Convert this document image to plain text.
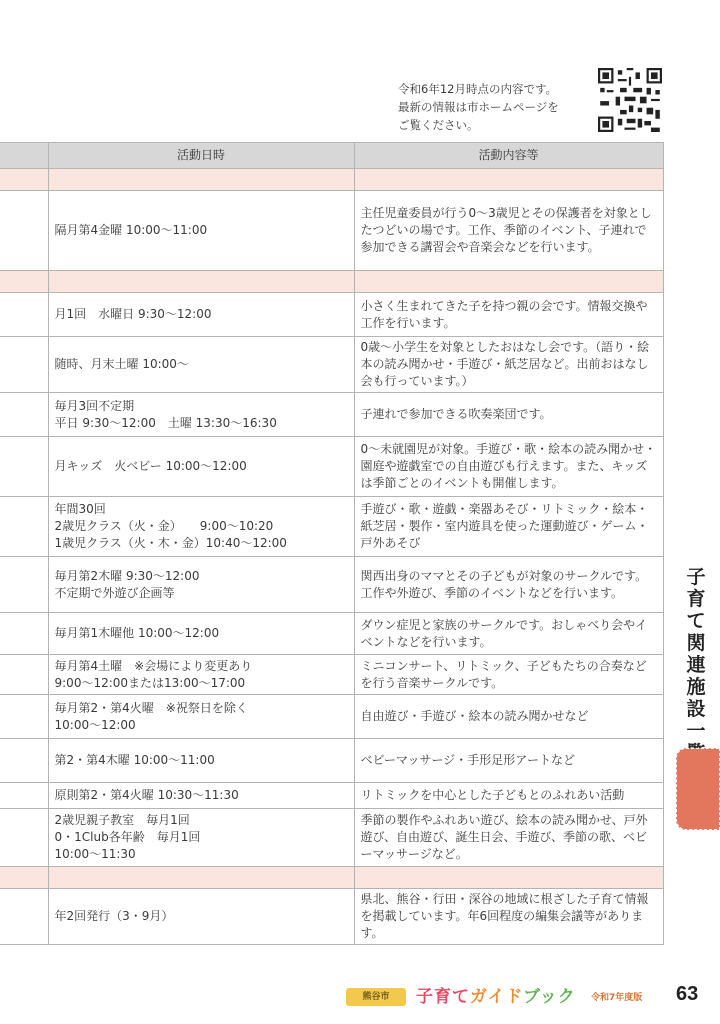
令和6年12月時点の内容です。
最新の情報は市ホームページを
ご覧ください。
	活動日時	活動内容等

	隔月第4金曜 10:00〜11:00	主任児童委員が行う0〜3歳児とその保護者を対象としたつどいの場です。工作、季節のイベント、子連れで参加できる講習会や音楽会などを行います。

	月1回　水曜日 9:30〜12:00	小さく生まれてきた子を持つ親の会です。情報交換や工作を行います。

	随時、月末土曜 10:00〜	0歳〜小学生を対象としたおはなし会です。（語り・絵本の読み聞かせ・手遊び・紙芝居など。出前おはなし会も行っています。）

	毎月3回不定期
平日 9:30〜12:00　土曜 13:30〜16:30	子連れで参加できる吹奏楽団です。

	月キッズ　火ベビー 10:00〜12:00	0〜未就園児が対象。手遊び・歌・絵本の読み聞かせ・園庭や遊戯室での自由遊びも行えます。また、キッズは季節ごとのイベントも開催します。

	年間30回
2歳児クラス（火・金）　　9:00〜10:20
1歳児クラス（火・木・金）10:40〜12:00	手遊び・歌・遊戯・楽器あそび・リトミック・絵本・紙芝居・製作・室内遊具を使った運動遊び・ゲーム・戸外あそび

	毎月第2木曜 9:30〜12:00
不定期で外遊び企画等	関西出身のママとその子どもが対象のサークルです。工作や外遊び、季節のイベントなどを行います。

	毎月第1木曜他 10:00〜12:00	ダウン症児と家族のサークルです。おしゃべり会やイベントなどを行います。

	毎月第4土曜　※会場により変更あり
9:00〜12:00または13:00〜17:00	ミニコンサート、リトミック、子どもたちの合奏などを行う音楽サークルです。

	毎月第2・第4火曜　※祝祭日を除く
10:00〜12:00	自由遊び・手遊び・絵本の読み聞かせなど

	第2・第4木曜 10:00〜11:00	ベビーマッサージ・手形足形アートなど

	原則第2・第4火曜 10:30〜11:30	リトミックを中心とした子どもとのふれあい活動

	2歳児親子教室　毎月1回
0・1Club各年齢　毎月1回
10:00〜11:30	季節の製作やふれあい遊び、絵本の読み聞かせ、戸外遊び、自由遊び、誕生日会、手遊び、季節の歌、ベビーマッサージなど。

	年2回発行（3・9月）	県北、熊谷・行田・深谷の地域に根ざした子育て情報を掲載しています。年6回程度の編集会議等があります。
子
育
て
関
連
施
設
一
熊谷市	子育てガイドブック 令和7年度版 63
